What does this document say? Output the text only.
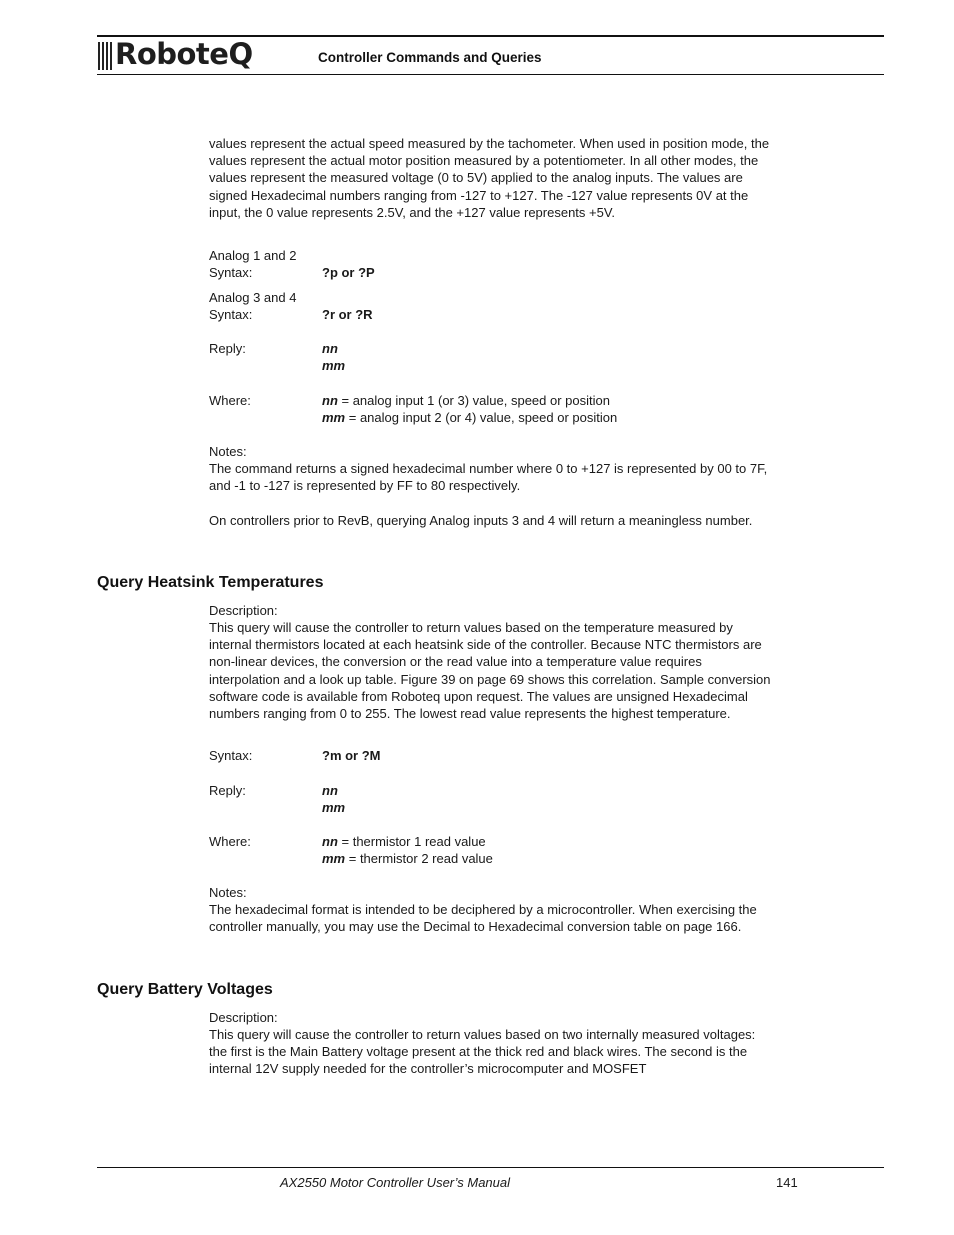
RoboteQ	Controller Commands and Queries

values represent the actual speed measured by the tachometer. When used in position mode, the values represent the actual motor position measured by a potentiometer. In all other modes, the values represent the measured voltage (0 to 5V) applied to the analog inputs. The values are signed Hexadecimal numbers ranging from -127 to +127. The -127 value represents 0V at the input, the 0 value represents 2.5V, and the +127 value represents +5V.

Analog 1 and 2
Syntax:	?p or ?P
Analog 3 and 4
Syntax:	?r or ?R
Reply:	nn
mm
Where:	nn = analog input 1 (or 3) value, speed or position
mm = analog input 2 (or 4) value, speed or position
Notes:

The command returns a signed hexadecimal number where 0 to +127 is represented by 00 to 7F, and -1 to -127 is represented by FF to 80 respectively.

On controllers prior to RevB, querying Analog inputs 3 and 4 will return a meaningless number.

Query Heatsink Temperatures
Description:

This query will cause the controller to return values based on the temperature measured by internal thermistors located at each heatsink side of the controller. Because NTC thermistors are non-linear devices, the conversion or the read value into a temperature value requires interpolation and a look up table. Figure 39 on page 69 shows this correlation. Sample conversion software code is available from Roboteq upon request. The values are unsigned Hexadecimal numbers ranging from 0 to 255. The lowest read value represents the highest temperature.

Syntax:	?m or ?M
Reply:	nn
mm
Where:	nn = thermistor 1 read value
mm = thermistor 2 read value
Notes:

The hexadecimal format is intended to be deciphered by a microcontroller. When exercising the controller manually, you may use the Decimal to Hexadecimal conversion table on page 166.

Query Battery Voltages
Description:

This query will cause the controller to return values based on two internally measured voltages: the first is the Main Battery voltage present at the thick red and black wires. The second is the internal 12V supply needed for the controller’s microcomputer and MOSFET

AX2550 Motor Controller User’s Manual	141
